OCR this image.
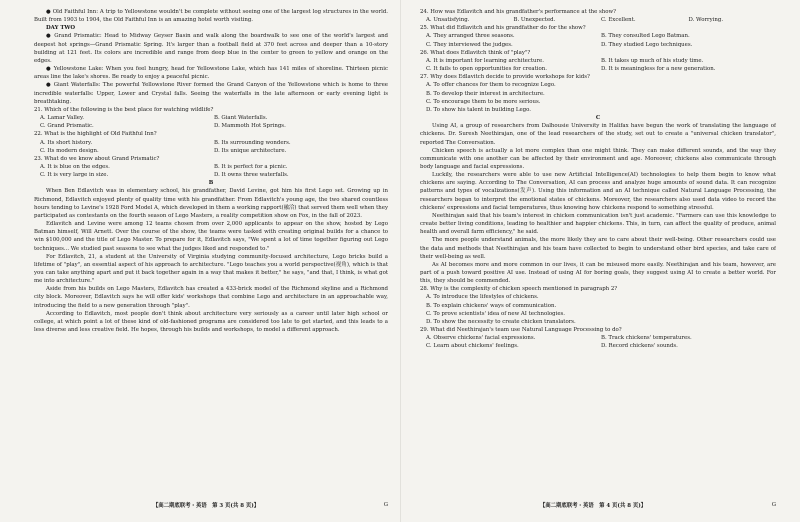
● Old Faithful Inn: A trip to Yellowstone wouldn't be complete without seeing one of the largest log structures in the world. Built from 1903 to 1904, the Old Faithful Inn is an amazing hotel worth visiting.

DAY TWO

● Grand Prismatic: Head to Midway Geyser Basin and walk along the boardwalk to see one of the world's largest and deepest hot springs—Grand Prismatic Spring. It's larger than a football field at 370 feet across and deeper than a 10-story building at 121 feet. Its colors are incredible and range from deep blue in the center to green to yellow and orange on the edges.

● Yellowstone Lake: When you feel hungry, head for Yellowstone Lake, which has 141 miles of shoreline. Thirteen picnic areas line the lake's shores. Be ready to enjoy a peaceful picnic.

● Giant Waterfalls: The powerful Yellowstone River formed the Grand Canyon of the Yellowstone which is home to three incredible waterfalls: Upper, Lower and Crystal falls. Seeing the waterfalls in the late afternoon or early evening light is breathtaking.

21. Which of the following is the best place for watching wildlife?

A. Lamar Valley.	B. Giant Waterfalls.
C. Grand Prismatic.	D. Mammoth Hot Springs.

22. What is the highlight of Old Faithful Inn?

A. Its short history.	B. Its surrounding wonders.
C. Its modern design.	D. Its unique architecture.

23. What do we know about Grand Prismatic?

A. It is blue on the edges.	B. It is perfect for a picnic.
C. It is very large in size.	D. It owns three waterfalls.

B

When Ben Edlavitch was in elementary school, his grandfather, David Levine, got him his first Lego set. Growing up in Richmond, Edlavitch enjoyed plenty of quality time with his grandfather. From Edlavitch's young age, the two shared countless hours tending to Levine's 1928 Ford Model A, which developed in them a working rapport(融洽) that served them well when they participated as contestants on the fourth season of Lego Masters, a reality competition show on Fox, in the fall of 2023.

Edlavitch and Levine were among 12 teams chosen from over 2,000 applicants to appear on the show, hosted by Lego Batman himself, Will Arnett. Over the course of the show, the teams were tasked with creating original builds for a chance to win $100,000 and the title of Lego Master. To prepare for it, Edlavitch says, "We spent a lot of time together figuring out Lego techniques... We studied past seasons to see what the judges liked and responded to."

For Edlavitch, 21, a student at the University of Virginia studying community-focused architecture, Lego bricks build a lifetime of "play", an essential aspect of his approach to architecture. "Lego teaches you a world perspective(视角), which is that you can take anything apart and put it back together again in a way that makes it better," he says, "and that, I think, is what got me into architecture."

Aside from his builds on Lego Masters, Edlavitch has created a 433-brick model of the Richmond skyline and a Richmond city block. Moreover, Edlavitch says he will offer kids' workshops that combine Lego and architecture in an approachable way, introducing the field to a new generation through "play".

According to Edlavitch, most people don't think about architecture very seriously as a career until later high school or college, at which point a lot of these kind of old-fashioned programs are considered too late to get started, and this leads to a less diverse and less creative field. He hopes, through his builds and workshops, to model a different approach.

【高二期底联考・英语　第 3 页(共 8 页)】	G

24. How was Edlavitch and his grandfather's performance at the show?

A. Unsatisfying.	B. Unexpected.	C. Excellent.	D. Worrying.

25. What did Edlavitch and his grandfather do for the show?

A. They arranged three seasons.	B. They consulted Lego Batman.
C. They interviewed the judges.	D. They studied Lego techniques.

26. What does Edlavitch think of "play"?

A. It is important for learning architecture.	B. It takes up much of his study time.
C. It fails to open opportunities for creation.	D. It is meaningless for a new generation.

27. Why does Edlavitch decide to provide workshops for kids?

A. To offer chances for them to recognize Lego.

B. To develop their interest in architecture.

C. To encourage them to be more serious.

D. To show his talent in building Lego.

C

Using AI, a group of researchers from Dalhousie University in Halifax have begun the work of translating the language of chickens. Dr. Suresh Neethirajan, one of the lead researchers of the study, set out to create a "universal chicken translator", reported The Conversation.

Chicken speech is actually a lot more complex than one might think. They can make different sounds, and the way they communicate with one another can be affected by their environment and age. Moreover, chickens also communicate through body language and facial expressions.

Luckily, the researchers were able to use new Artificial Intelligence(AI) technologies to help them begin to know what chickens are saying. According to The Conversation, AI can process and analyze huge amounts of sound data. It can recognize patterns and types of vocalizations(发声). Using this information and an AI technique called Natural Language Processing, the researchers began to interpret the emotional states of chickens. Moreover, the researchers also used data video to record the chickens' expressions and facial temperatures, thus knowing how chickens respond to something stressful.

Neethirajan said that his team's interest in chicken communication isn't just academic. "Farmers can use this knowledge to create better living conditions, leading to healthier and happier chickens. This, in turn, can affect the quality of produce, animal health and overall farm efficiency," he said.

The more people understand animals, the more likely they are to care about their well-being. Other researchers could use the data and methods that Neethirajan and his team have collected to begin to understand other bird species, and take care of their well-being as well.

As AI becomes more and more common in our lives, it can be misused more easily. Neethirajan and his team, however, are part of a push toward positive AI use. Instead of using AI for boring goals, they suggest using AI to create a better world. For this, they should be commended.

28. Why is the complexity of chicken speech mentioned in paragraph 2?

A. To introduce the lifestyles of chickens.

B. To explain chickens' ways of communication.

C. To prove scientists' idea of new AI technologies.

D. To show the necessity to create chicken translators.

29. What did Neethirajan's team use Natural Language Processing to do?

A. Observe chickens' facial expressions.	B. Track chickens' temperatures.
C. Learn about chickens' feelings.	D. Record chickens' sounds.
【高二期底联考・英语　第 4 页(共 8 页)】	G
